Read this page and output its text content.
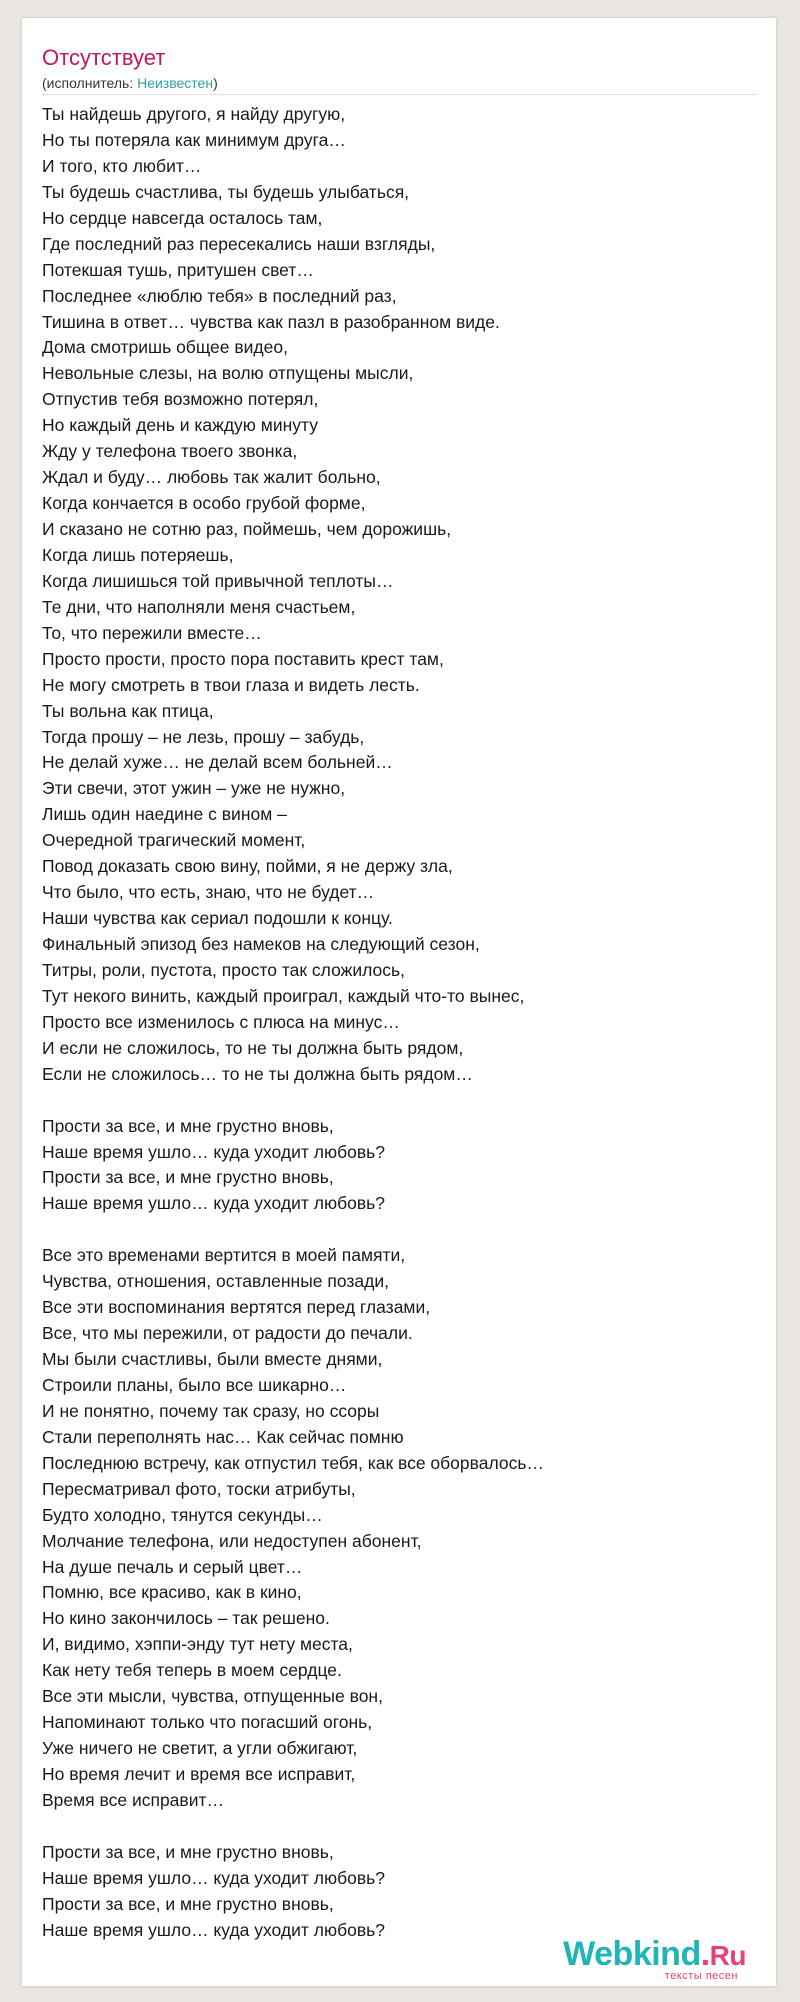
Отсутствует
(исполнитель: Неизвестен)
Ты найдешь другого, я найду другую,
Но ты потеряла как минимум друга…
И того, кто любит…
Ты будешь счастлива, ты будешь улыбаться,
Но сердце навсегда осталось там,
Где последний раз пересекались наши взгляды,
Потекшая тушь, притушен свет…
Последнее «люблю тебя» в последний раз,
Тишина в ответ… чувства как пазл в разобранном виде.
Дома смотришь общее видео,
Невольные слезы, на волю отпущены мысли,
Отпустив тебя возможно потерял,
Но каждый день и каждую минуту
Жду у телефона твоего звонка,
Ждал и буду… любовь так жалит больно,
Когда кончается в особо грубой форме,
И сказано не сотню раз, поймешь, чем дорожишь,
Когда лишь потеряешь,
Когда лишишься той привычной теплоты…
Те дни, что наполняли меня счастьем,
То, что пережили вместе…
Просто прости, просто пора поставить крест там,
Не могу смотреть в твои глаза и видеть лесть.
Ты вольна как птица,
Тогда прошу – не лезь, прошу – забудь,
Не делай хуже… не делай всем больней…
Эти свечи, этот ужин – уже не нужно,
Лишь один наедине с вином –
Очередной трагический момент,
Повод доказать свою вину, пойми, я не держу зла,
Что было, что есть, знаю, что не будет…
Наши чувства как сериал подошли к концу.
Финальный эпизод без намеков на следующий сезон,
Титры, роли, пустота, просто так сложилось,
Тут некого винить, каждый проиграл, каждый что-то вынес,
Просто все изменилось с плюса на минус…
И если не сложилось, то не ты должна быть рядом,
Если не сложилось… то не ты должна быть рядом…
Прости за все, и мне грустно вновь,
Наше время ушло… куда уходит любовь?
Прости за все, и мне грустно вновь,
Наше время ушло… куда уходит любовь?
Все это временами вертится в моей памяти,
Чувства, отношения, оставленные позади,
Все эти воспоминания вертятся перед глазами,
Все, что мы пережили, от радости до печали.
Мы были счастливы, были вместе днями,
Строили планы, было все шикарно…
И не понятно, почему так сразу, но ссоры
Стали переполнять нас… Как сейчас помню
Последнюю встречу, как отпустил тебя, как все оборвалось…
Пересматривал фото, тоски атрибуты,
Будто холодно, тянутся секунды…
Молчание телефона, или недоступен абонент,
На душе печаль и серый цвет…
Помню, все красиво, как в кино,
Но кино закончилось – так решено.
И, видимо, хэппи-энду тут нету места,
Как нету тебя теперь в моем сердце.
Все эти мысли, чувства, отпущенные вон,
Напоминают только что погасший огонь,
Уже ничего не светит, а угли обжигают,
Но время лечит и время все исправит,
Время все исправит…
Прости за все, и мне грустно вновь,
Наше время ушло… куда уходит любовь?
Прости за все, и мне грустно вновь,
Наше время ушло… куда уходит любовь?
Webkind.Ru
тексты песен
